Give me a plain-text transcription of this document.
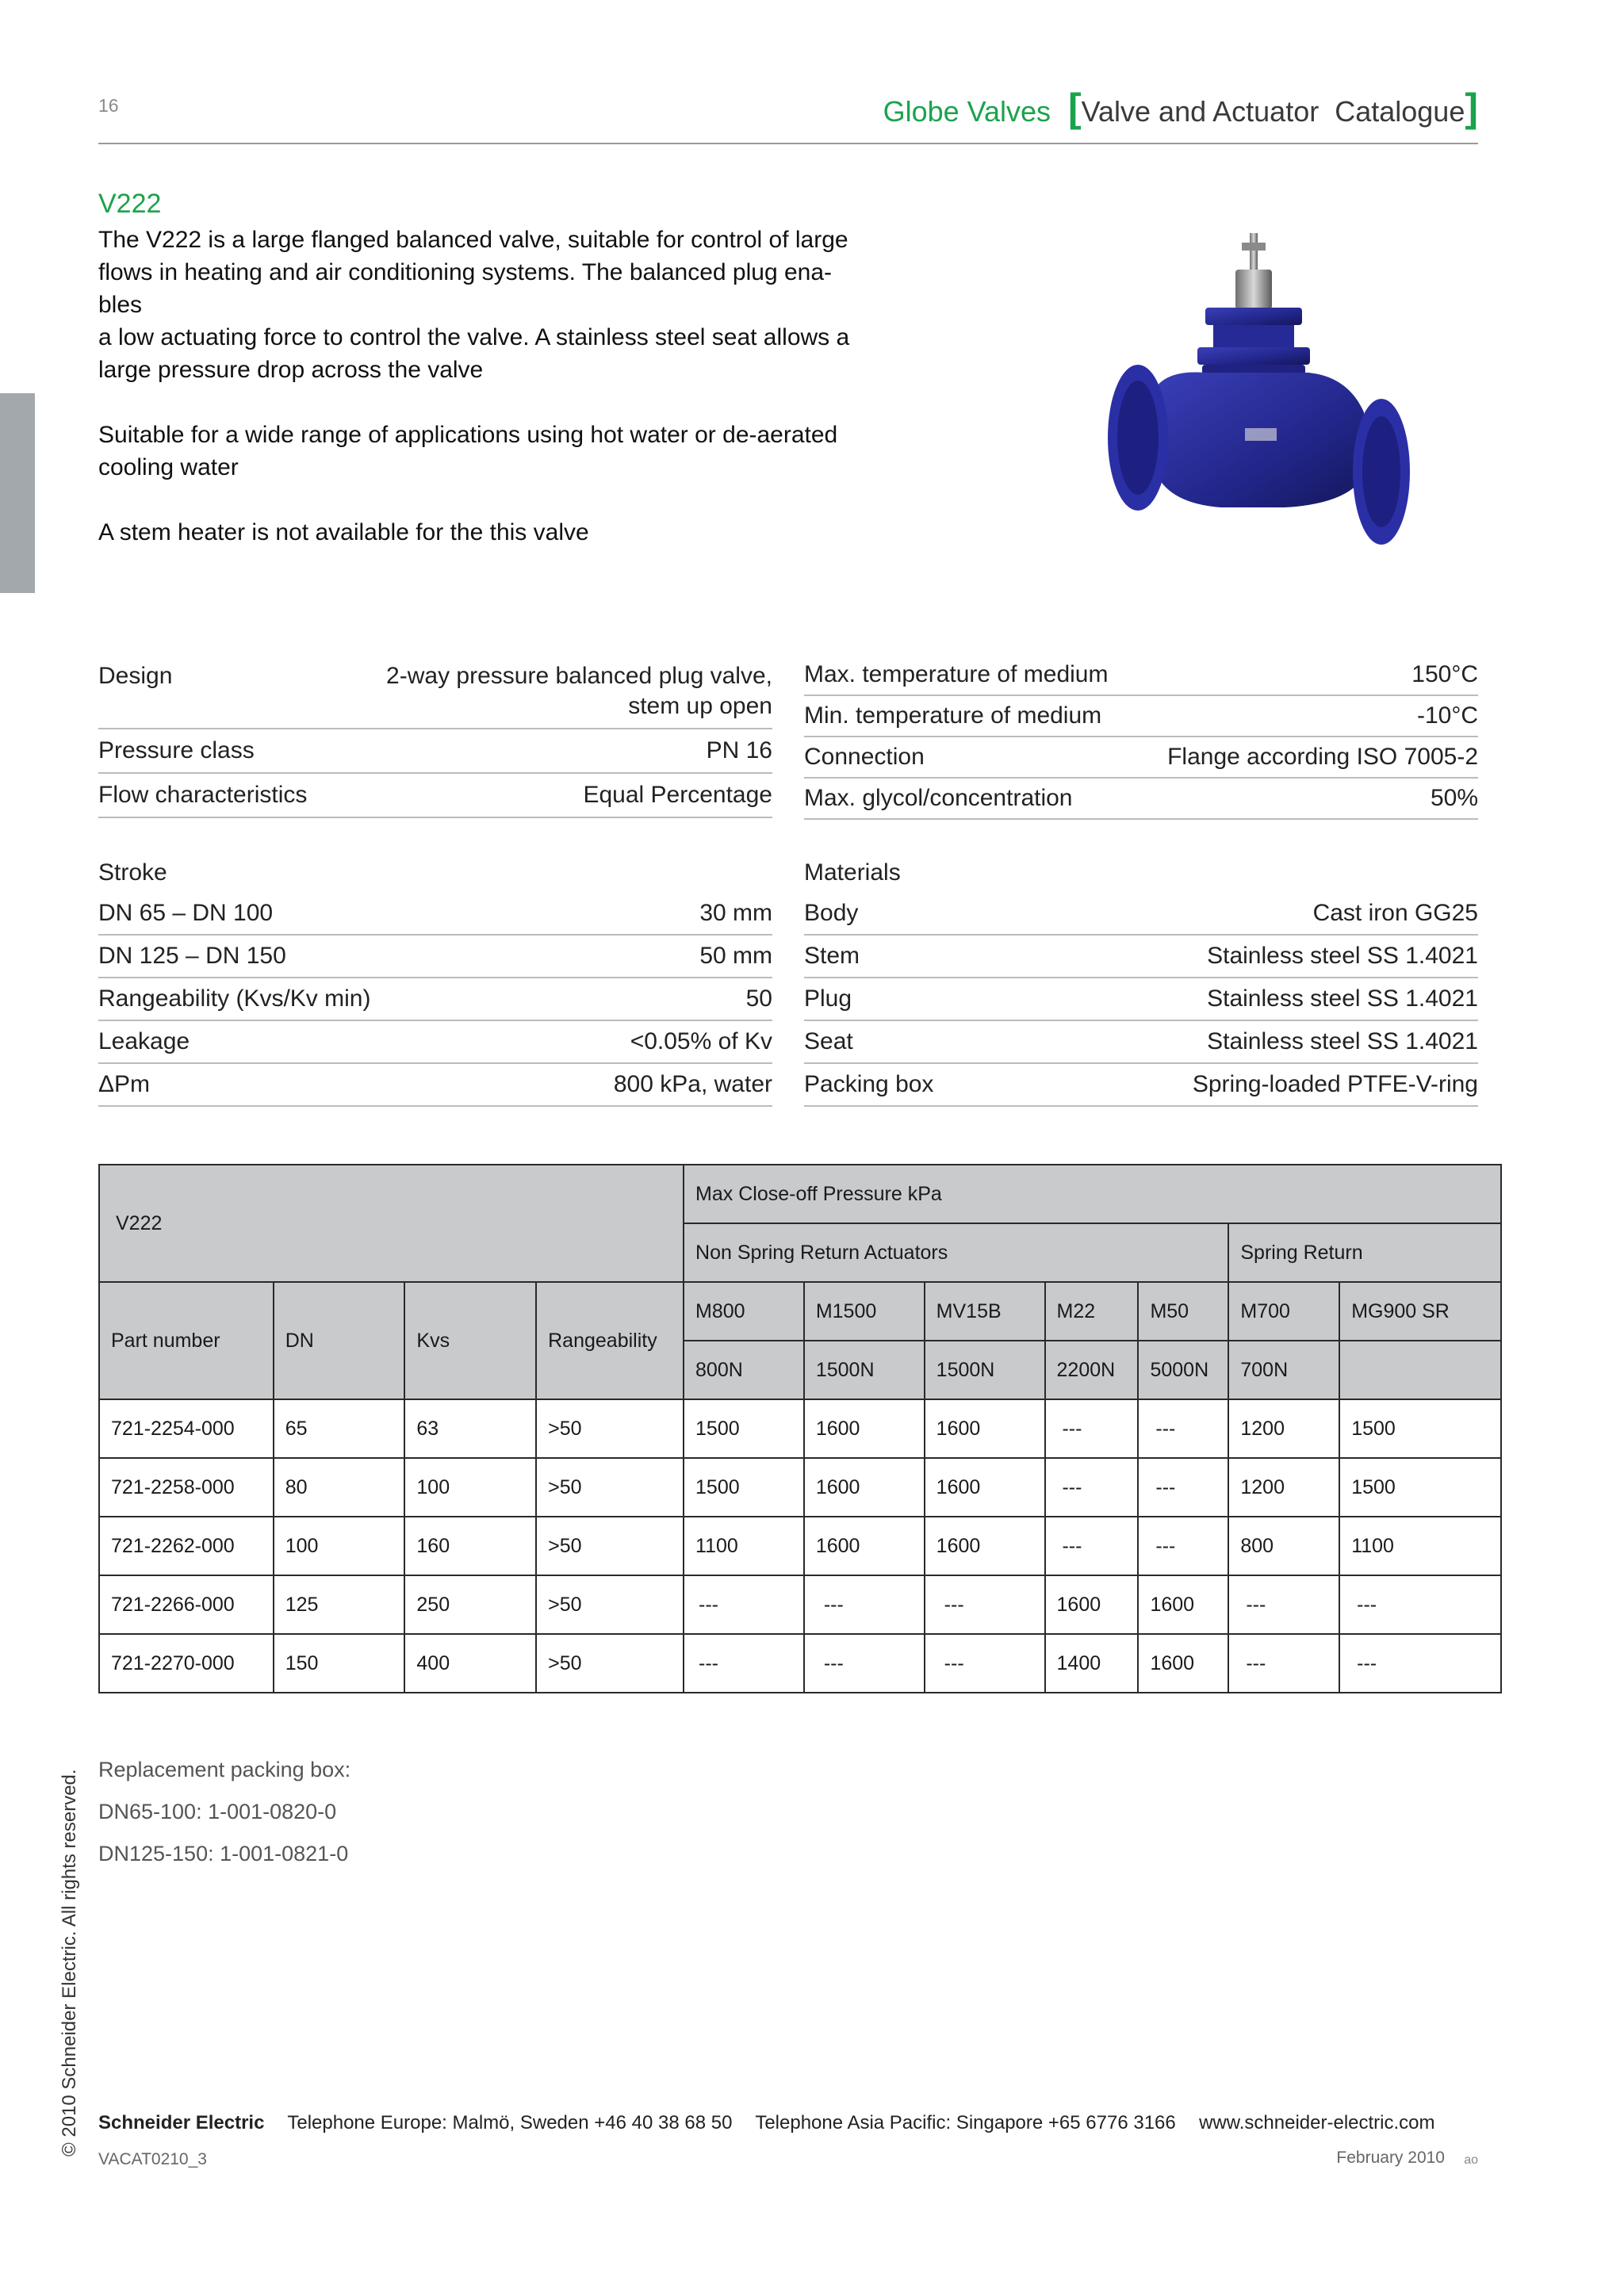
16	Globe Valves [ Valve and Actuator  Catalogue ]
V222

The V222 is a large flanged balanced valve, suitable for control of large

flows in heating and air conditioning systems. The balanced plug ena-

bles

a low actuating force to control the valve. A stainless steel seat allows a

large pressure drop across the valve

Suitable for a wide range of applications using hot water or de-aerated

cooling water

A stem heater is not available for the this valve

Design	2-way pressure balanced plug valve,
stem up open
Pressure class	PN 16
Flow characteristics	Equal Percentage
Max. temperature of medium	150°C
Min. temperature of medium	-10°C
Connection	Flange according ISO 7005-2
Max. glycol/concentration	50%
Stroke
DN 65 – DN 100	30 mm
DN 125 – DN 150	50 mm
Rangeability (Kvs/Kv min)	50
Leakage	<0.05% of Kv
ΔPm	800 kPa, water
Materials
Body	Cast iron GG25
Stem	Stainless steel SS 1.4021
Plug	Stainless steel SS 1.4021
Seat	Stainless steel SS 1.4021
Packing box	Spring-loaded PTFE-V-ring
V222				Max Close-off Pressure kPa						
				Non Spring Return Actuators					Spring Return	
Part number	DN	Kvs	Rangeability	M800	M1500	MV15B	M22	M50	M700	MG900 SR
				800N	1500N	1500N	2200N	5000N	700N	
721-2254-000	65	63	>50	1500	1600	1600	---	---	1200	1500
721-2258-000	80	100	>50	1500	1600	1600	---	---	1200	1500
721-2262-000	100	160	>50	1100	1600	1600	---	---	800	1100
721-2266-000	125	250	>50	---	---	---	1600	1600	---	---
721-2270-000	150	400	>50	---	---	---	1400	1600	---	---
Replacement packing box:
DN65-100: 1-001-0820-0
DN125-150: 1-001-0821-0
© 2010 Schneider Electric. All rights reserved. Schneider Electric Telephone Europe: Malmö, Sweden +46 40 38 68 50 Telephone Asia Pacific: Singapore +65 6776 3166 www.schneider-electric.com
VACAT0210_3	February 2010 ao
